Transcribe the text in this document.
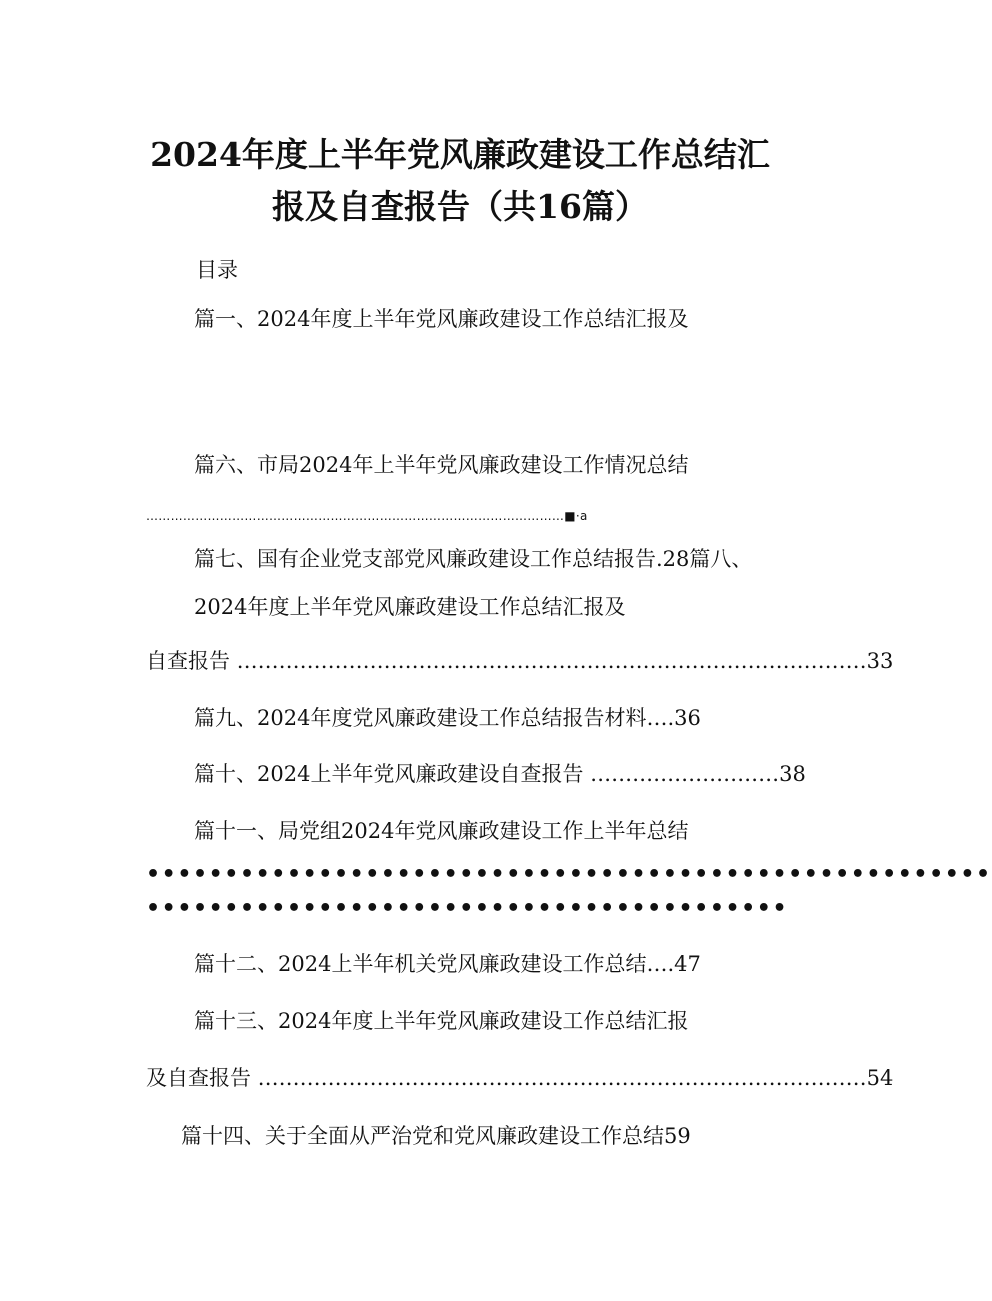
2024年度上半年党风廉政建设工作总结汇
报及自查报告（共16篇）
目录
篇一、2024年度上半年党风廉政建设工作总结汇报及
篇六、市局2024年上半年党风廉政建设工作情况总结
…………………………………………………………………………………………■·a
篇七、国有企业党支部党风廉政建设工作总结报告.28篇八、
2024年度上半年党风廉政建设工作总结汇报及
自查报告 ………………………………………………………………………………33
篇九、2024年度党风廉政建设工作总结报告材料….36
篇十、2024上半年党风廉政建设自查报告 ………………………38
篇十一、局党组2024年党风廉政建设工作上半年总结
••••••••••••••••••••••••••••••••••••••••••••••••••••••
•••••••••••••••••••••••••••••••••••••••••
篇十二、2024上半年机关党风廉政建设工作总结….47
篇十三、2024年度上半年党风廉政建设工作总结汇报
及自查报告 ……………………………………………………………………………54
篇十四、关于全面从严治党和党风廉政建设工作总结59
